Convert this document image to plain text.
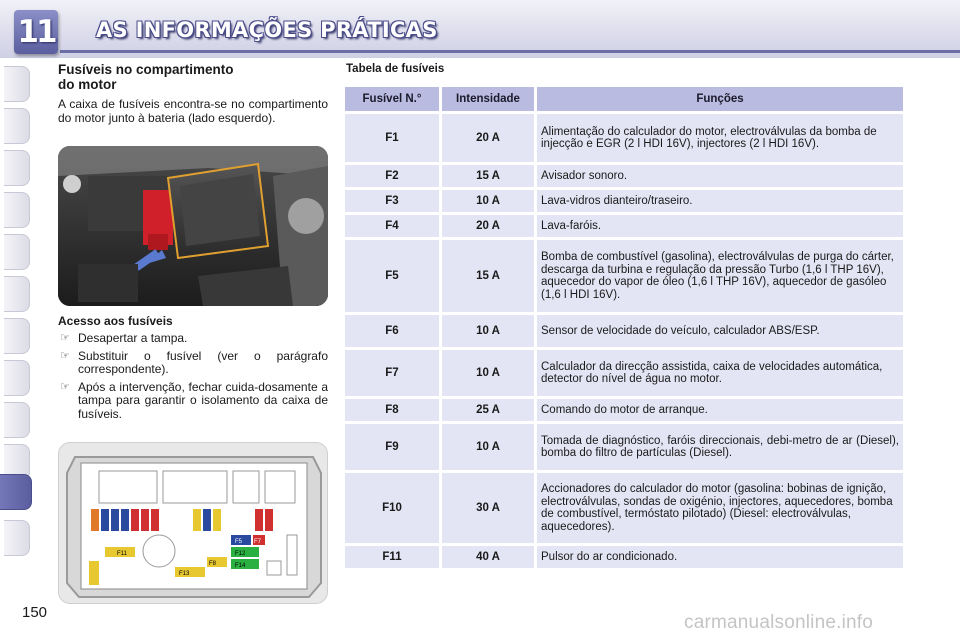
11 AS INFORMAÇÕES PRÁTICAS
Fusíveis no compartimento
do motor
A caixa de fusíveis encontra-se no compartimento do motor junto à bateria (lado esquerdo).
Acesso aos fusíveis
☞ Desapertar a tampa.
☞ Substituir o fusível (ver o parágrafo correspondente).
☞ Após a intervenção, fechar cuida-dosamente a tampa para garantir o isolamento da caixa de fusíveis.
F11
F5 F7
F12
F14
F8
F13
Tabela de fusíveis
Fusível N.°	Intensidade	Funções
F1	20 A	Alimentação do calculador do motor, electroválvulas da bomba de injecção e EGR (2 l HDI 16V), injectores (2 l HDI 16V).
F2	15 A	Avisador sonoro.
F3	10 A	Lava-vidros dianteiro/traseiro.
F4	20 A	Lava-faróis.
F5	15 A	Bomba de combustível (gasolina), electroválvulas de purga do cárter, descarga da turbina e regulação da pressão Turbo (1,6 l THP 16V), aquecedor do vapor de óleo (1,6 l THP 16V), aquecedor de gasóleo (1,6 l HDI 16V).
F6	10 A	Sensor de velocidade do veículo, calculador ABS/ESP.
F7	10 A	Calculador da direcção assistida, caixa de velocidades automática, detector do nível de água no motor.
F8	25 A	Comando do motor de arranque.
F9	10 A	Tomada de diagnóstico, faróis direccionais, debi-metro de ar (Diesel), bomba do filtro de partículas (Diesel).
F10	30 A	Accionadores do calculador do motor (gasolina: bobinas de ignição, electroválvulas, sondas de oxigénio, injectores, aquecedores, bomba de combustível, termóstato pilotado) (Diesel: electroválvulas, aquecedores).
F11	40 A	Pulsor do ar condicionado.
150	carmanualsonline.info
